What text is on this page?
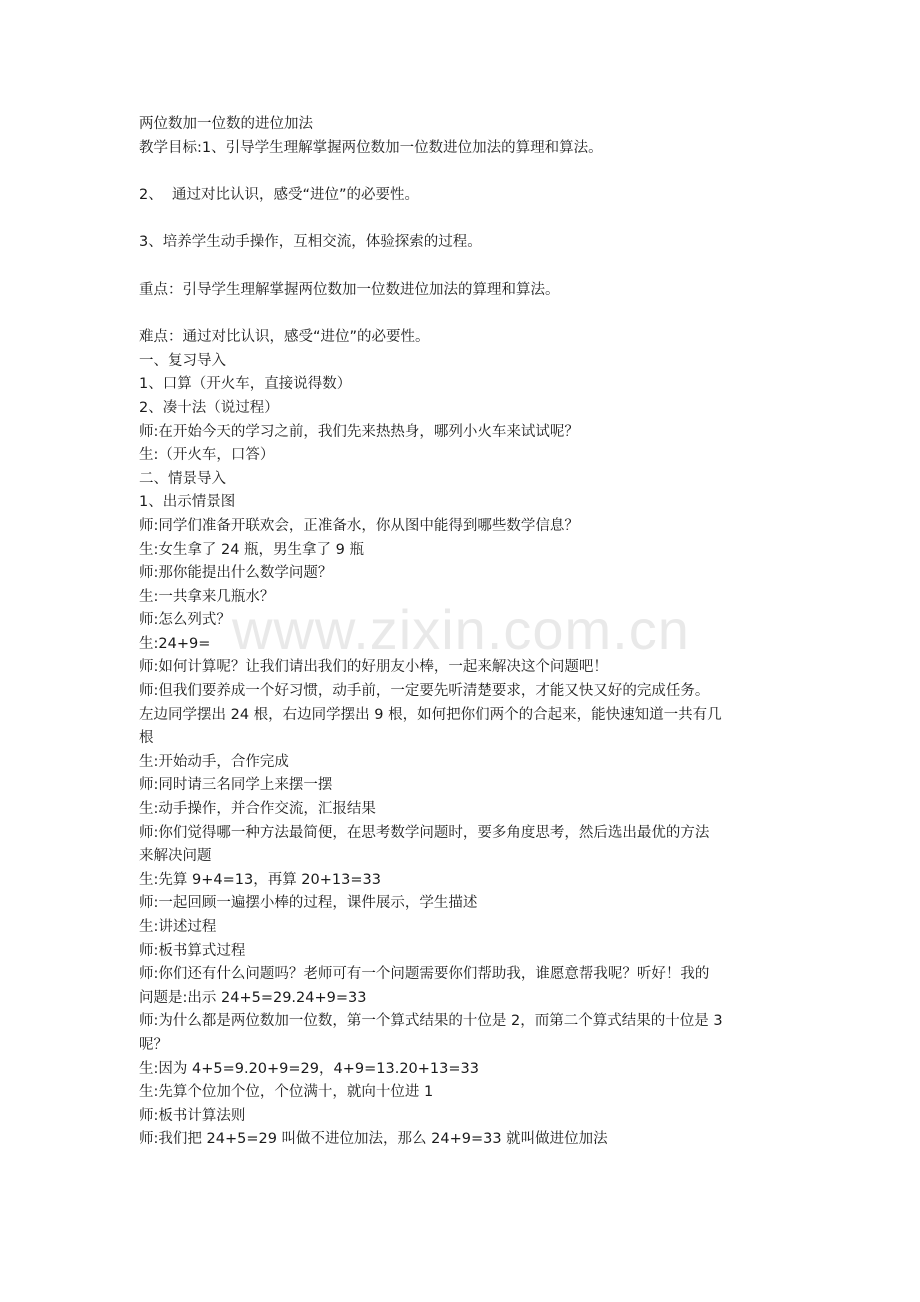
两位数加一位数的进位加法

教学目标:1、引导学生理解掌握两位数加一位数进位加法的算理和算法。

2、  通过对比认识，感受“进位”的必要性。

3、培养学生动手操作，互相交流，体验探索的过程。

重点：引导学生理解掌握两位数加一位数进位加法的算理和算法。

难点：通过对比认识，感受“进位”的必要性。

一、复习导入

1、口算（开火车，直接说得数）

2、凑十法（说过程）

师:在开始今天的学习之前，我们先来热热身，哪列小火车来试试呢？

生:（开火车，口答）

二、情景导入

1、出示情景图

师:同学们准备开联欢会，正准备水，你从图中能得到哪些数学信息？

生:女生拿了 24 瓶，男生拿了 9 瓶

师:那你能提出什么数学问题？

生:一共拿来几瓶水？

师:怎么列式？

生:24+9=

师:如何计算呢？让我们请出我们的好朋友小棒，一起来解决这个问题吧！

师:但我们要养成一个好习惯，动手前，一定要先听清楚要求，才能又快又好的完成任务。

左边同学摆出 24 根，右边同学摆出 9 根，如何把你们两个的合起来，能快速知道一共有几

根

生:开始动手，合作完成

师:同时请三名同学上来摆一摆

生:动手操作，并合作交流，汇报结果

师:你们觉得哪一种方法最简便，在思考数学问题时，要多角度思考，然后选出最优的方法

来解决问题

生:先算 9+4=13，再算 20+13=33

师:一起回顾一遍摆小棒的过程，课件展示，学生描述

生:讲述过程

师:板书算式过程

师:你们还有什么问题吗？老师可有一个问题需要你们帮助我，谁愿意帮我呢？听好！我的

问题是:出示 24+5=29.24+9=33

师:为什么都是两位数加一位数，第一个算式结果的十位是 2，而第二个算式结果的十位是 3

呢？

生:因为 4+5=9.20+9=29，4+9=13.20+13=33

生:先算个位加个位，个位满十，就向十位进 1

师:板书计算法则

师:我们把 24+5=29 叫做不进位加法，那么 24+9=33 就叫做进位加法

www.zixin.com.cn
